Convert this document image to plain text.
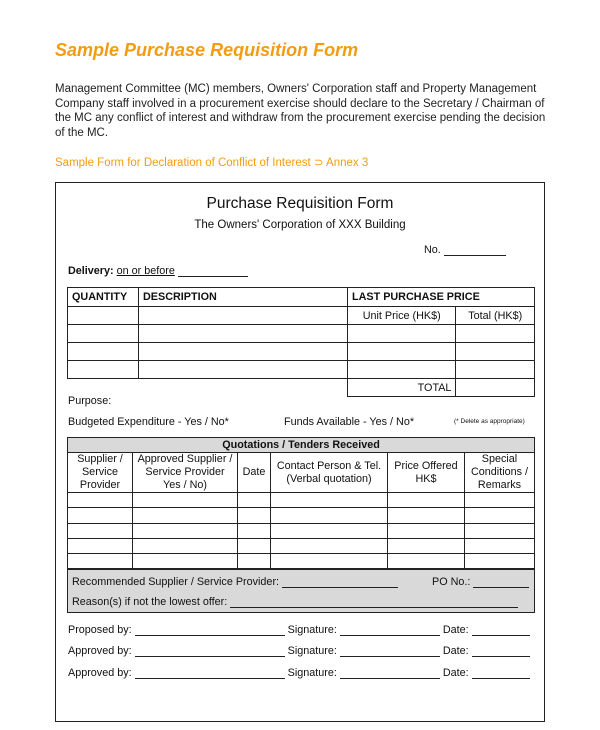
Sample Purchase Requisition Form
Management Committee (MC) members, Owners' Corporation staff and Property Management Company staff involved in a procurement exercise should declare to the Secretary / Chairman of the MC any conflict of interest and withdraw from the procurement exercise pending the decision of the MC.
Sample Form for Declaration of Conflict of Interest ⊃ Annex 3
Purchase Requisition Form
The Owners' Corporation of XXX Building
No.
Delivery: on or before
QUANTITY	DESCRIPTION	LAST PURCHASE PRICE	
		Unit Price (HK$)	Total (HK$)

		TOTAL	
Purpose:
Budgeted Expenditure - Yes / No*	Funds Available - Yes / No*	(* Delete as appropriate)
Quotations / Tenders Received					
Supplier / Service Provider	Approved Supplier / Service Provider Yes / No)	Date	Contact Person & Tel. (Verbal quotation)	Price Offered HK$	Special Conditions / Remarks

Recommended Supplier / Service Provider:	PO No.:
Reason(s) if not the lowest offer:
Proposed by:	Signature:	Date:
Approved by:	Signature:	Date:
Approved by:	Signature:	Date:
